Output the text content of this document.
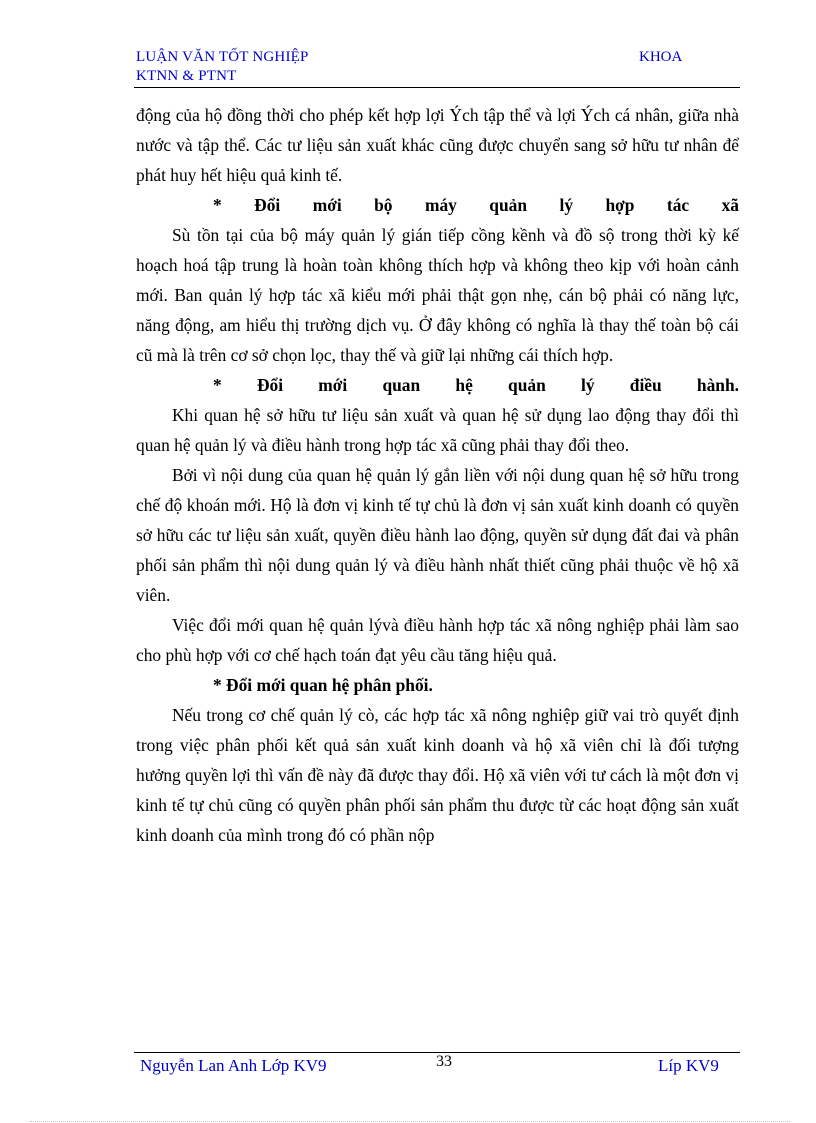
LUẬN VĂN TỐT NGHIỆP
KTNN & PTNT
KHOA

động của hộ đồng thời cho phép kết hợp lợi Ých tập thể và lợi Ých cá nhân, giữa nhà nước và tập thể. Các tư liệu sản xuất khác cũng được chuyển sang sở hữu tư nhân để phát huy hết hiệu quả kinh tế.

* Đổi mới bộ máy quản lý hợp tác xã

Sù tồn tại của bộ máy quản lý gián tiếp cồng kềnh và đồ sộ trong thời kỳ kế hoạch hoá tập trung là hoàn toàn không thích hợp và không theo kịp với hoàn cảnh mới. Ban quản lý hợp tác xã kiểu mới phải thật gọn nhẹ, cán bộ phải có năng lực, năng động, am hiểu thị trường dịch vụ. Ở đây không có nghĩa là thay thế toàn bộ cái cũ mà là trên cơ sở chọn lọc, thay thế và giữ lại những cái thích hợp.

* Đổi mới quan hệ quản lý điều hành.

Khi quan hệ sở hữu tư liệu sản xuất và quan hệ sử dụng lao động thay đổi thì quan hệ quản lý và điều hành trong hợp tác xã cũng phải thay đổi theo.

Bởi vì nội dung của quan hệ quản lý gắn liền với nội dung quan hệ sở hữu trong chế độ khoán mới. Hộ là đơn vị kinh tế tự chủ là đơn vị sản xuất kinh doanh có quyền sở hữu các tư liệu sản xuất, quyền điều hành lao động, quyền sử dụng đất đai và phân phối sản phẩm thì nội dung quản lý và điều hành nhất thiết cũng phải thuộc về hộ xã viên.

Việc đổi mới quan hệ quản lývà điều hành hợp tác xã nông nghiệp phải làm sao cho phù hợp với cơ chế hạch toán đạt yêu cầu tăng hiệu quả.

* Đổi mới quan hệ phân phối.

Nếu trong cơ chế quản lý cò, các hợp tác xã nông nghiệp giữ vai trò quyết định trong việc phân phối kết quả sản xuất kinh doanh và hộ xã viên chỉ là đối tượng hưởng quyền lợi thì vấn đề này đã được thay đổi. Hộ xã viên với tư cách là một đơn vị kinh tế tự chủ cũng có quyền phân phối sản phẩm thu được từ các hoạt động sản xuất kinh doanh của mình trong đó có phần nộp

Nguyễn Lan Anh Lớp KV9	33	Líp KV9
